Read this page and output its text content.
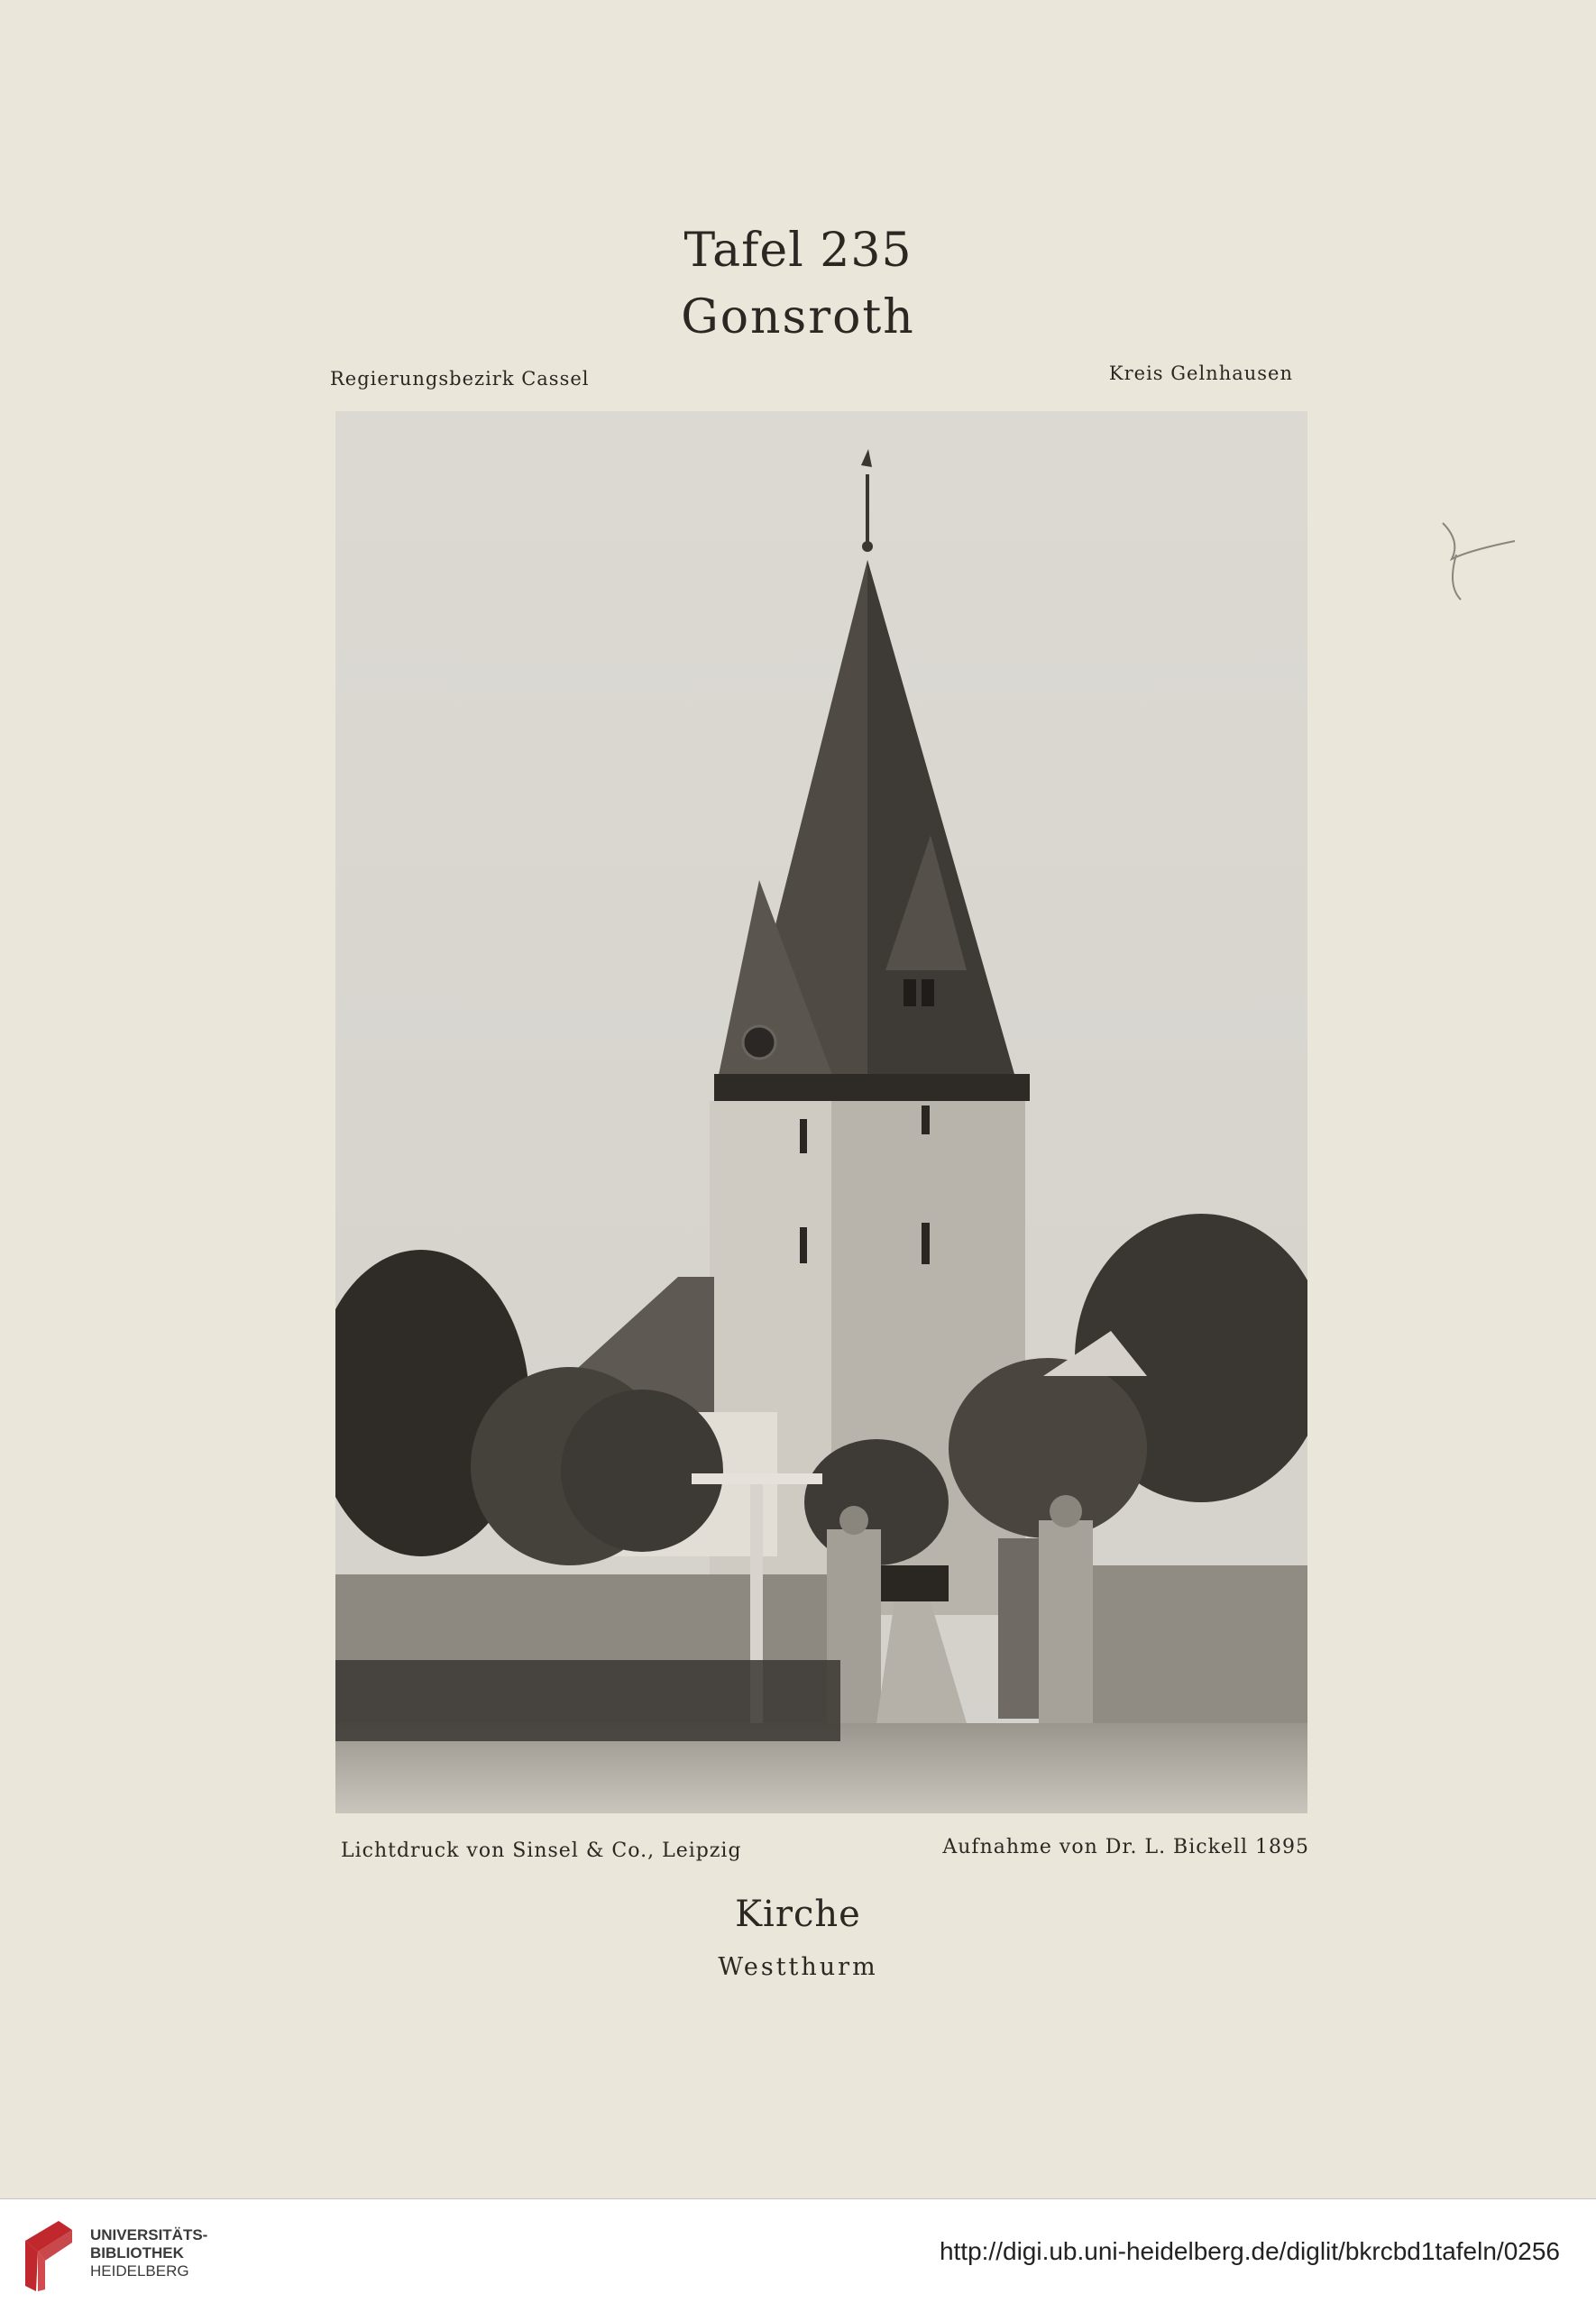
Tafel 235
Gonsroth
Regierungsbezirk Cassel	Kreis Gelnhausen
Lichtdruck von Sinsel & Co., Leipzig	Aufnahme von Dr. L. Bickell 1895
Kirche
Westthurm
UNIVERSITÄTS-
BIBLIOTHEK
HEIDELBERG
http://digi.ub.uni-heidelberg.de/diglit/bkrcbd1tafeln/0256
